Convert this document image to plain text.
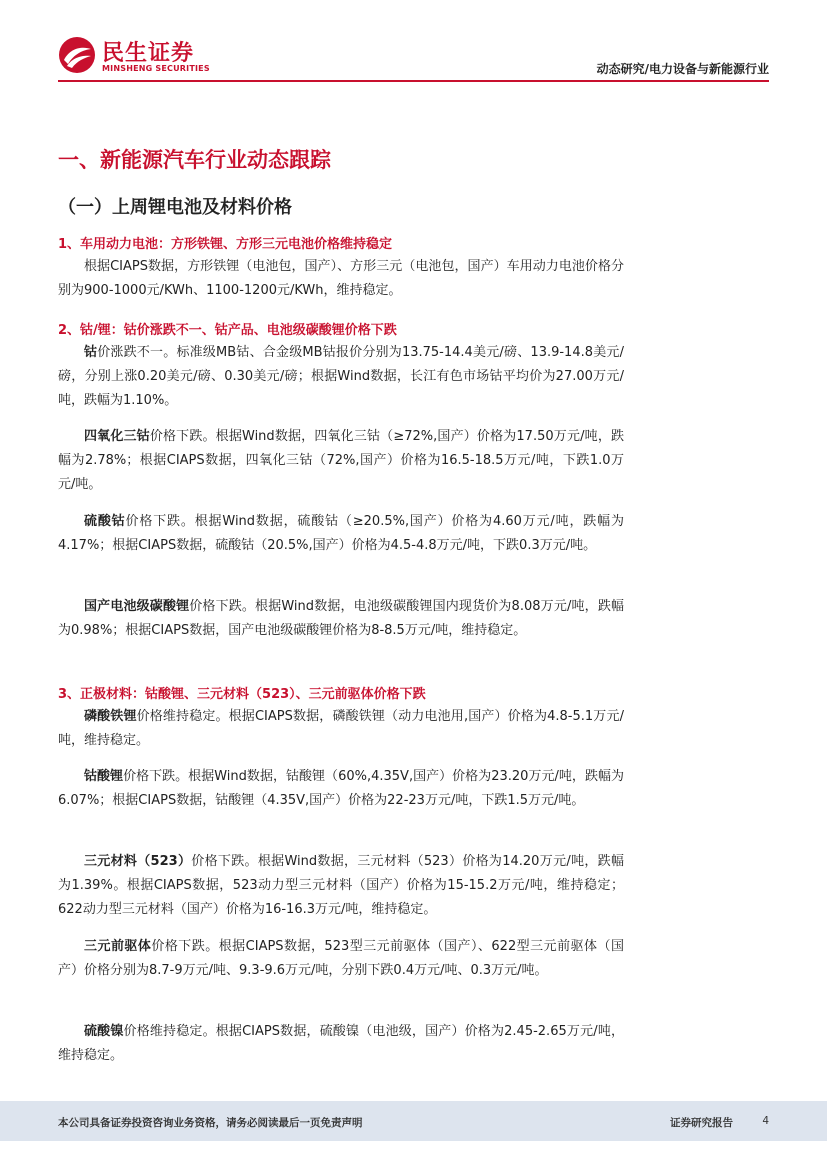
民生证券
MINSHENG SECURITIES	动态研究/电力设备与新能源行业
一、新能源汽车行业动态跟踪
（一）上周锂电池及材料价格
1、车用动力电池：方形铁锂、方形三元电池价格维持稳定
根据CIAPS数据，方形铁锂（电池包，国产）、方形三元（电池包，国产）车用动力电池价格分别为900-1000元/KWh、1100-1200元/KWh，维持稳定。
2、钴/锂：钴价涨跌不一、钴产品、电池级碳酸锂价格下跌
钴价涨跌不一。标准级MB钴、合金级MB钴报价分别为13.75-14.4美元/磅、13.9-14.8美元/磅，分别上涨0.20美元/磅、0.30美元/磅；根据Wind数据，长江有色市场钴平均价为27.00万元/吨，跌幅为1.10%。
四氧化三钴价格下跌。根据Wind数据，四氧化三钴（≥72%,国产）价格为17.50万元/吨，跌幅为2.78%；根据CIAPS数据，四氧化三钴（72%,国产）价格为16.5-18.5万元/吨，下跌1.0万元/吨。
硫酸钴价格下跌。根据Wind数据，硫酸钴（≥20.5%,国产）价格为4.60万元/吨，跌幅为4.17%；根据CIAPS数据，硫酸钴（20.5%,国产）价格为4.5-4.8万元/吨，下跌0.3万元/吨。
国产电池级碳酸锂价格下跌。根据Wind数据，电池级碳酸锂国内现货价为8.08万元/吨，跌幅为0.98%；根据CIAPS数据，国产电池级碳酸锂价格为8-8.5万元/吨，维持稳定。
3、正极材料：钴酸锂、三元材料（523）、三元前驱体价格下跌
磷酸铁锂价格维持稳定。根据CIAPS数据，磷酸铁锂（动力电池用,国产）价格为4.8-5.1万元/吨，维持稳定。
钴酸锂价格下跌。根据Wind数据，钴酸锂（60%,4.35V,国产）价格为23.20万元/吨，跌幅为6.07%；根据CIAPS数据，钴酸锂（4.35V,国产）价格为22-23万元/吨，下跌1.5万元/吨。
三元材料（523）价格下跌。根据Wind数据，三元材料（523）价格为14.20万元/吨，跌幅为1.39%。根据CIAPS数据，523动力型三元材料（国产）价格为15-15.2万元/吨，维持稳定；622动力型三元材料（国产）价格为16-16.3万元/吨，维持稳定。
三元前驱体价格下跌。根据CIAPS数据，523型三元前驱体（国产）、622型三元前驱体（国产）价格分别为8.7-9万元/吨、9.3-9.6万元/吨，分别下跌0.4万元/吨、0.3万元/吨。
硫酸镍价格维持稳定。根据CIAPS数据，硫酸镍（电池级，国产）价格为2.45-2.65万元/吨，维持稳定。
本公司具备证券投资咨询业务资格，请务必阅读最后一页免责声明	证券研究报告	4
